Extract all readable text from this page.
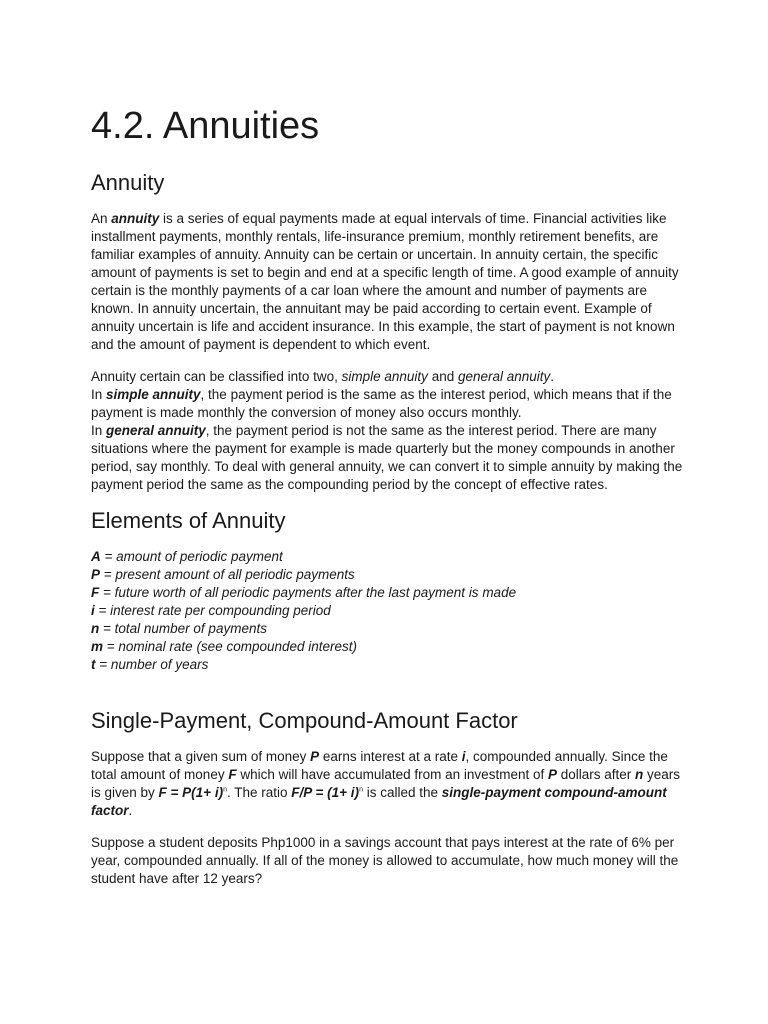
4.2. Annuities
Annuity

An annuity is a series of equal payments made at equal intervals of time. Financial activities like installment payments, monthly rentals, life-insurance premium, monthly retirement benefits, are familiar examples of annuity. Annuity can be certain or uncertain. In annuity certain, the specific amount of payments is set to begin and end at a specific length of time. A good example of annuity certain is the monthly payments of a car loan where the amount and number of payments are known. In annuity uncertain, the annuitant may be paid according to certain event. Example of annuity uncertain is life and accident insurance. In this example, the start of payment is not known and the amount of payment is dependent to which event.

Annuity certain can be classified into two, simple annuity and general annuity.

In simple annuity, the payment period is the same as the interest period, which means that if the payment is made monthly the conversion of money also occurs monthly.

In general annuity, the payment period is not the same as the interest period. There are many situations where the payment for example is made quarterly but the money compounds in another period, say monthly. To deal with general annuity, we can convert it to simple annuity by making the payment period the same as the compounding period by the concept of effective rates.

Elements of Annuity
A = amount of periodic payment
P = present amount of all periodic payments
F = future worth of all periodic payments after the last payment is made
i = interest rate per compounding period
n = total number of payments
m = nominal rate (see compounded interest)
t = number of years
Single-Payment, Compound-Amount Factor

Suppose that a given sum of money P earns interest at a rate i, compounded annually. Since the total amount of money F which will have accumulated from an investment of P dollars after n years is given by $F = P(1+ i)^n$. The ratio $F/P = (1+ i)^n$ is called the single-payment compound-amount factor.

Suppose a student deposits Php1000 in a savings account that pays interest at the rate of 6% per year, compounded annually. If all of the money is allowed to accumulate, how much money will the student have after 12 years?
